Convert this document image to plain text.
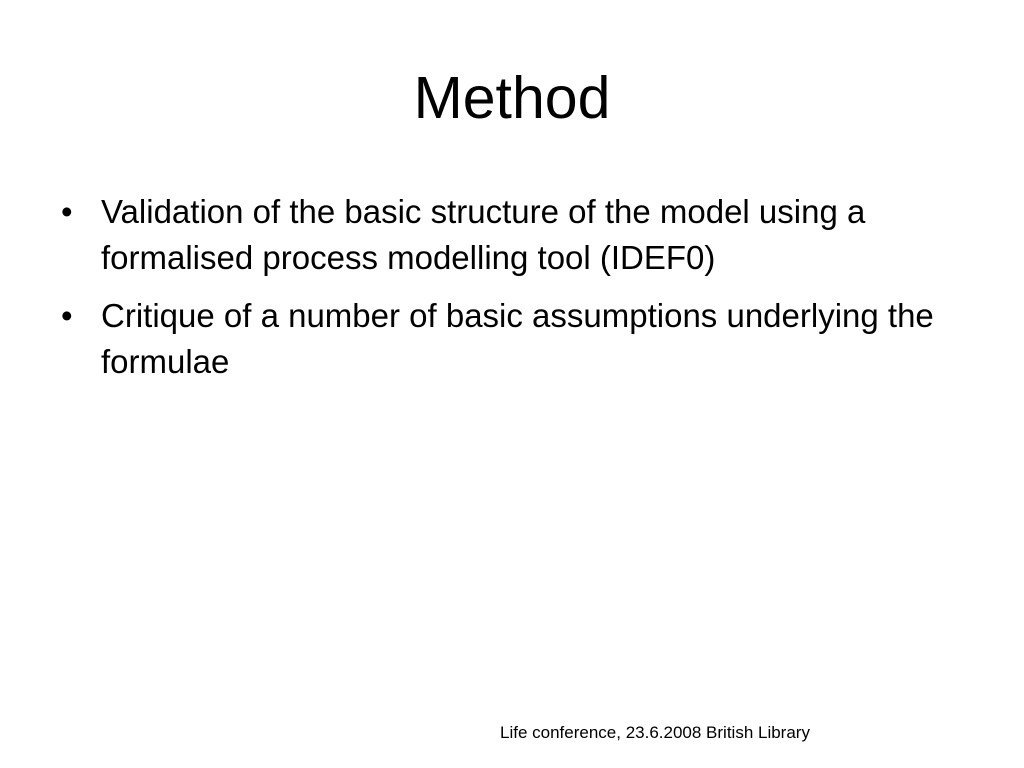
Method
• Validation of the basic structure of the model using a formalised process modelling tool (IDEF0)
• Critique of a number of basic assumptions underlying the formulae
Life conference, 23.6.2008 British Library
